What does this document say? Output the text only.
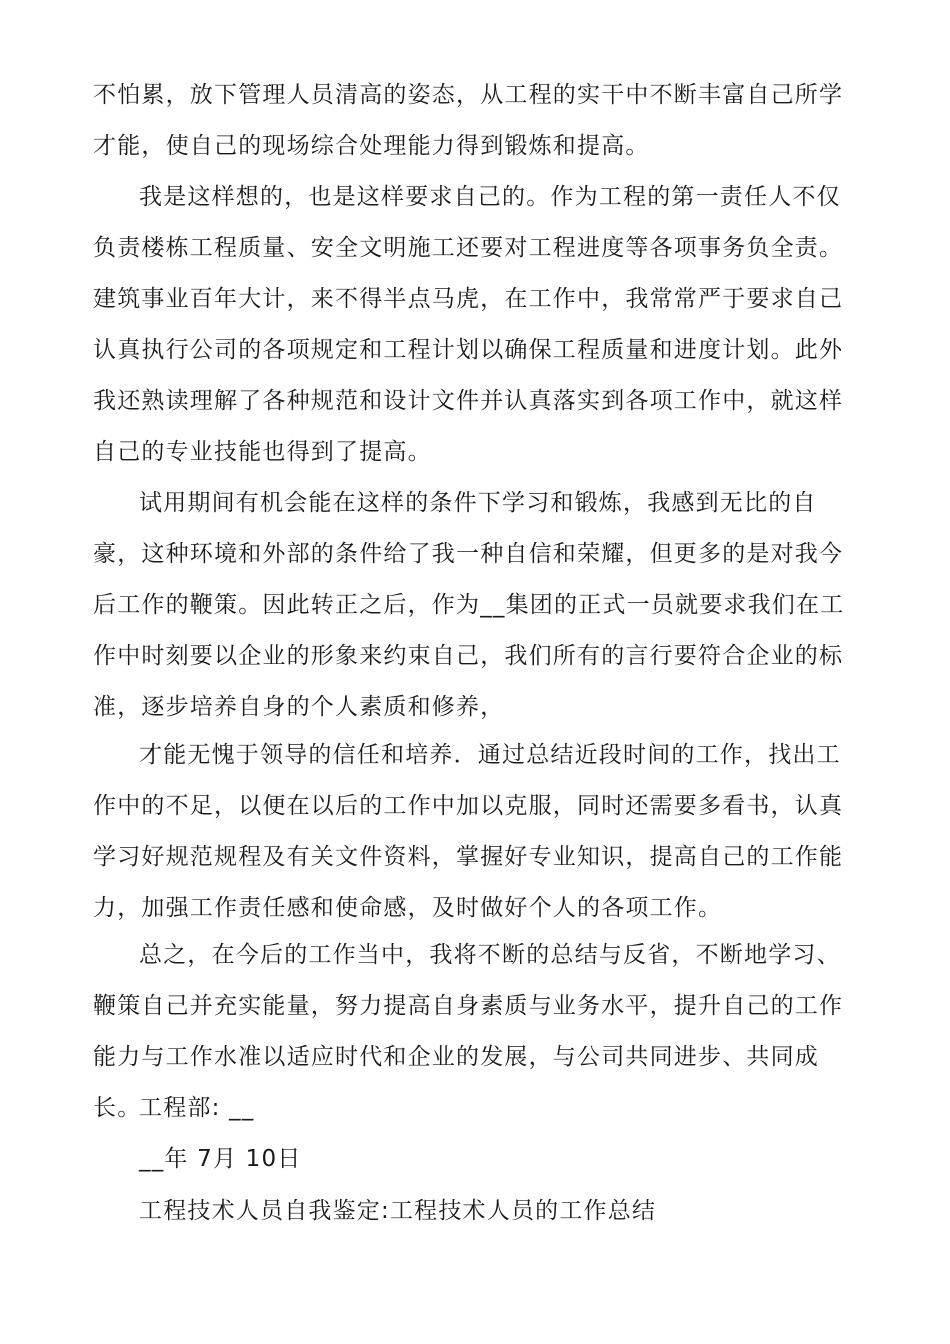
不怕累，放下管理人员清高的姿态，从工程的实干中不断丰富自己所学才能，使自己的现场综合处理能力得到锻炼和提高。

我是这样想的，也是这样要求自己的。作为工程的第一责任人不仅负责楼栋工程质量、安全文明施工还要对工程进度等各项事务负全责。建筑事业百年大计，来不得半点马虎，在工作中，我常常严于要求自己认真执行公司的各项规定和工程计划以确保工程质量和进度计划。此外我还熟读理解了各种规范和设计文件并认真落实到各项工作中，就这样自己的专业技能也得到了提高。

试用期间有机会能在这样的条件下学习和锻炼，我感到无比的自豪，这种环境和外部的条件给了我一种自信和荣耀，但更多的是对我今后工作的鞭策。因此转正之后，作为__集团的正式一员就要求我们在工作中时刻要以企业的形象来约束自己，我们所有的言行要符合企业的标准，逐步培养自身的个人素质和修养，

才能无愧于领导的信任和培养．通过总结近段时间的工作，找出工作中的不足，以便在以后的工作中加以克服，同时还需要多看书，认真学习好规范规程及有关文件资料，掌握好专业知识，提高自己的工作能力，加强工作责任感和使命感，及时做好个人的各项工作。

总之，在今后的工作当中，我将不断的总结与反省，不断地学习、鞭策自己并充实能量，努力提高自身素质与业务水平，提升自己的工作能力与工作水准以适应时代和企业的发展，与公司共同进步、共同成长。

工程部: __

__年 7月 10日

工程技术人员自我鉴定:工程技术人员的工作总结
